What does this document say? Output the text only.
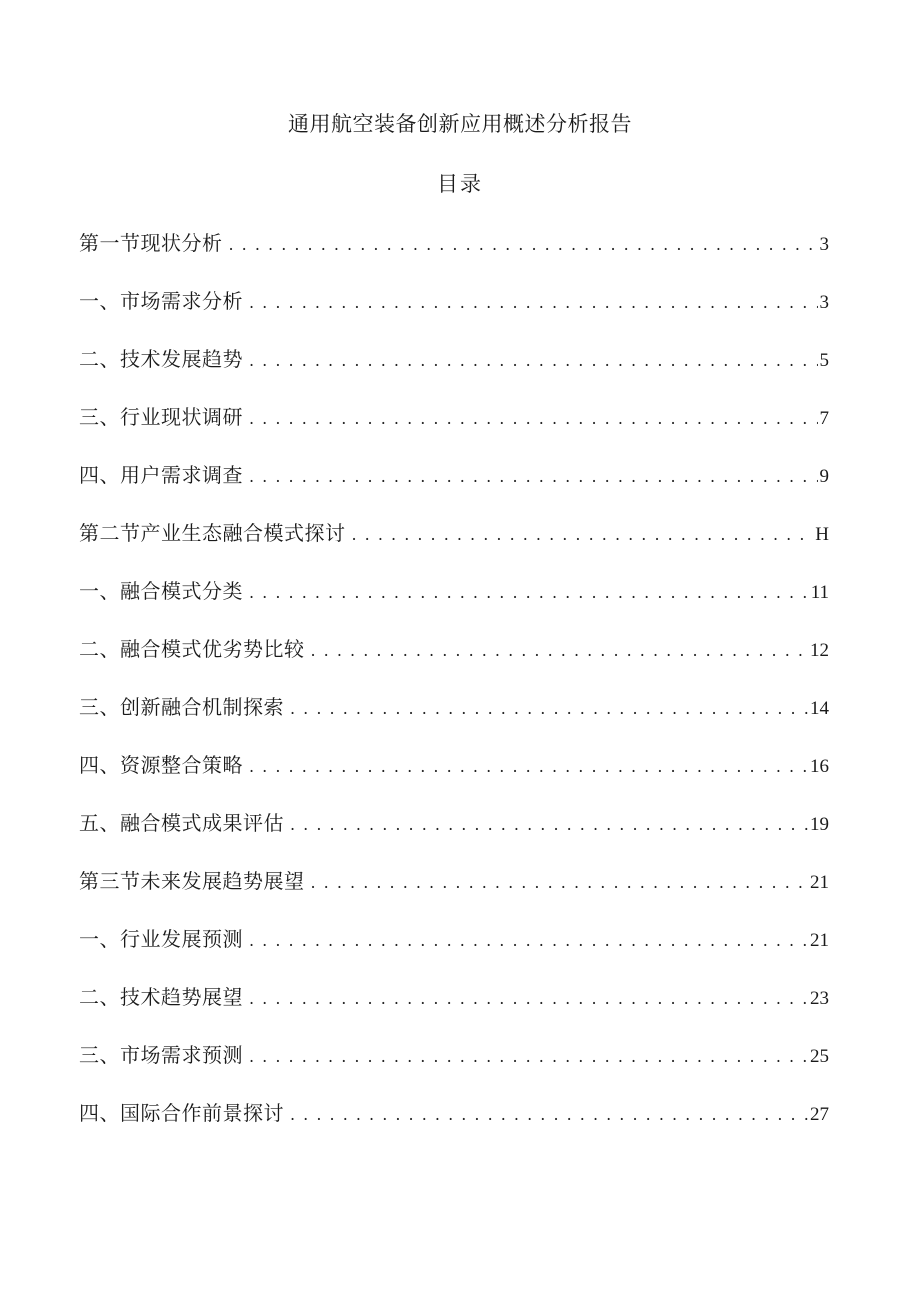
通用航空装备创新应用概述分析报告
目录
第一节现状分析 . . .	3
一、市场需求分析 . . .	3
二、技术发展趋势 . . .	5
三、行业现状调研 . . .	7
四、用户需求调查 . . .	9
第二节产业生态融合模式探讨 . . .	H
一、融合模式分类 . . .	11
二、融合模式优劣势比较 . . .	12
三、创新融合机制探索 . . .	14
四、资源整合策略 . . .	16
五、融合模式成果评估 . . .	19
第三节未来发展趋势展望 . . .	21
一、行业发展预测 . . .	21
二、技术趋势展望 . . .	23
三、市场需求预测 . . .	25
四、国际合作前景探讨 . . .	27
